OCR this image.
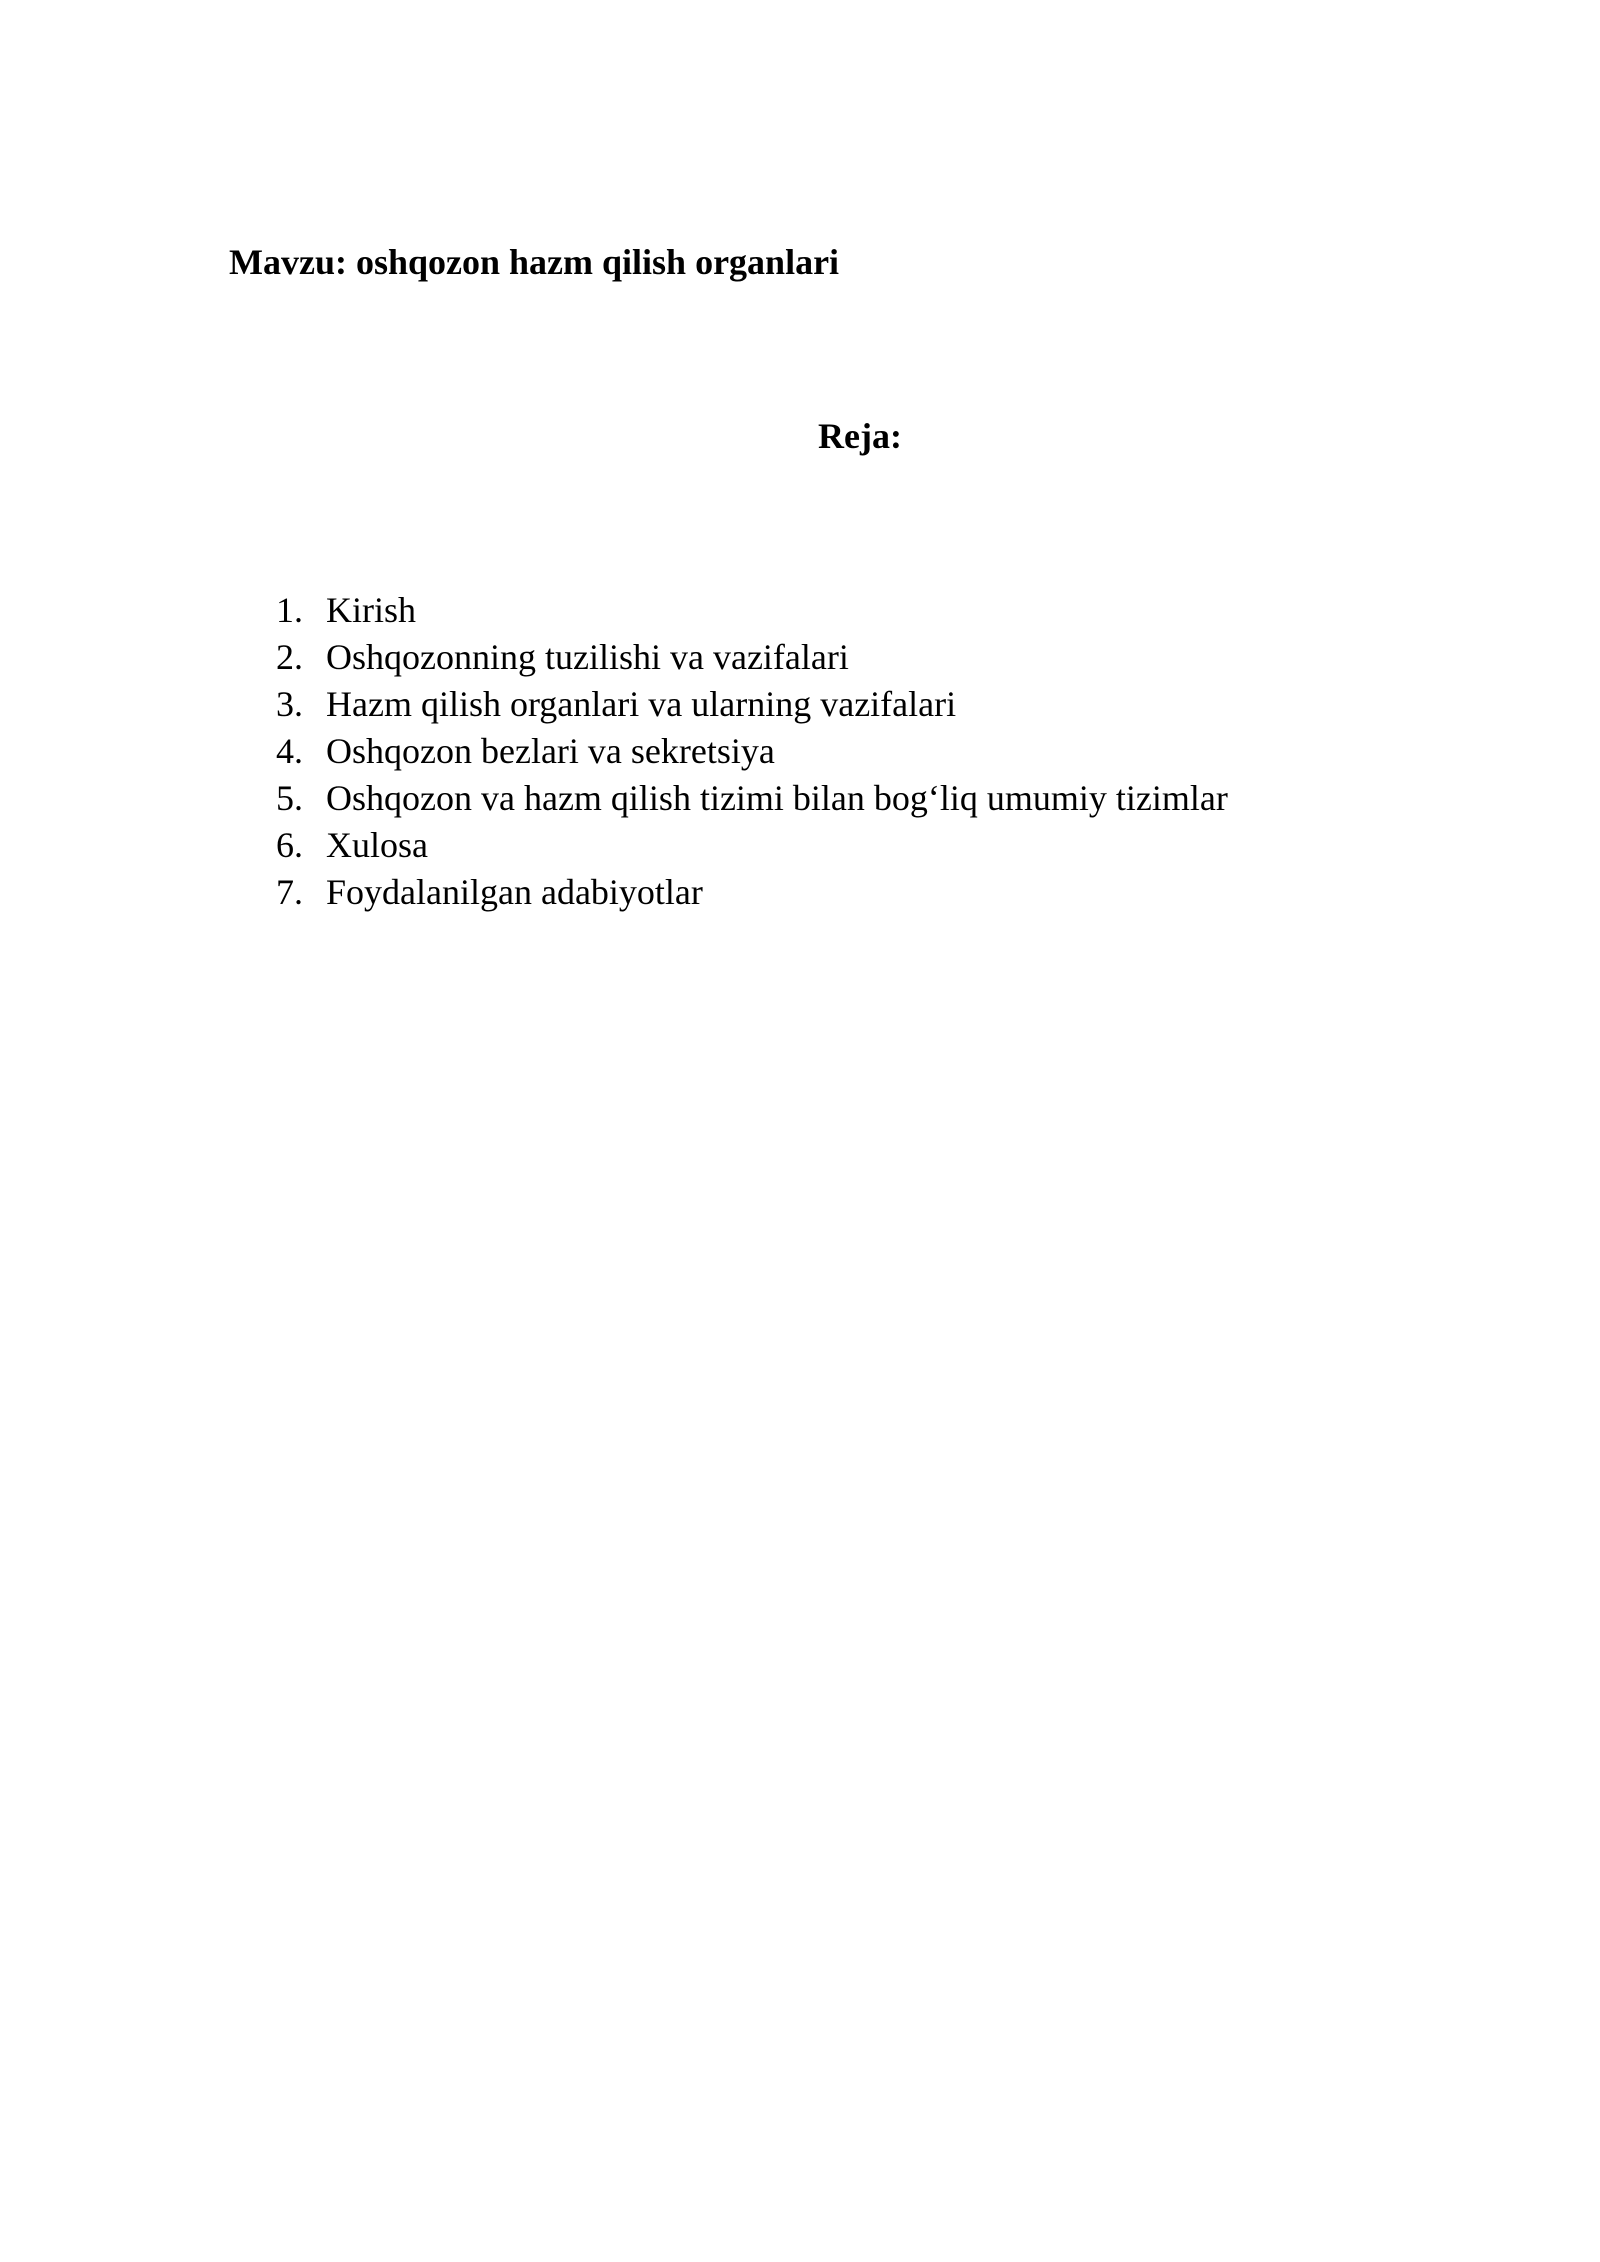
Mavzu: oshqozon hazm qilish organlari
Reja:
1. Kirish
2. Oshqozonning tuzilishi va vazifalari
3. Hazm qilish organlari va ularning vazifalari
4. Oshqozon bezlari va sekretsiya
5. Oshqozon va hazm qilish tizimi bilan bog‘liq umumiy tizimlar
6. Xulosa
7. Foydalanilgan adabiyotlar
